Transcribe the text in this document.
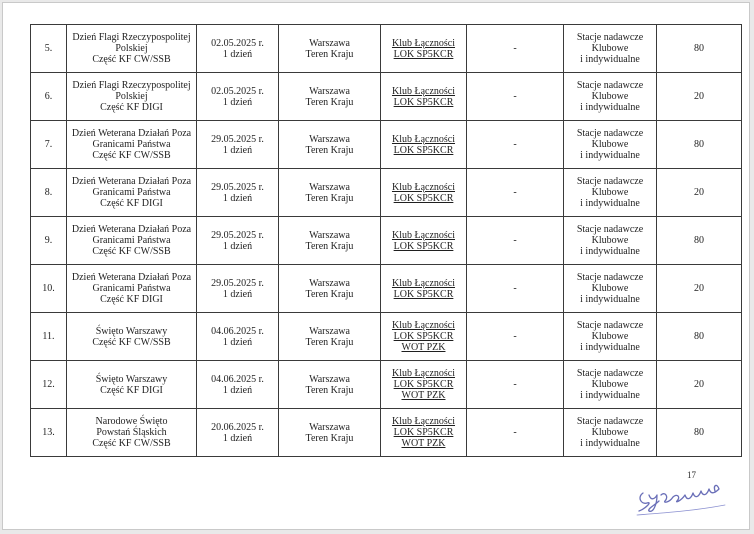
5.	Dzień Flagi Rzeczypospolitej
Polskiej
Część KF CW/SSB	02.05.2025 r.
1 dzień	Warszawa
Teren Kraju	Klub Łączności
LOK SP5KCR	-	Stacje nadawcze
Klubowe
i indywidualne	80
6.	Dzień Flagi Rzeczypospolitej
Polskiej
Część KF DIGI	02.05.2025 r.
1 dzień	Warszawa
Teren Kraju	Klub Łączności
LOK SP5KCR	-	Stacje nadawcze
Klubowe
i indywidualne	20
7.	Dzień Weterana Działań Poza
Granicami Państwa
Część KF CW/SSB	29.05.2025 r.
1 dzień	Warszawa
Teren Kraju	Klub Łączności
LOK SP5KCR	-	Stacje nadawcze
Klubowe
i indywidualne	80
8.	Dzień Weterana Działań Poza
Granicami Państwa
Część KF DIGI	29.05.2025 r.
1 dzień	Warszawa
Teren Kraju	Klub Łączności
LOK SP5KCR	-	Stacje nadawcze
Klubowe
i indywidualne	20
9.	Dzień Weterana Działań Poza
Granicami Państwa
Część KF CW/SSB	29.05.2025 r.
1 dzień	Warszawa
Teren Kraju	Klub Łączności
LOK SP5KCR	-	Stacje nadawcze
Klubowe
i indywidualne	80
10.	Dzień Weterana Działań Poza
Granicami Państwa
Część KF DIGI	29.05.2025 r.
1 dzień	Warszawa
Teren Kraju	Klub Łączności
LOK SP5KCR	-	Stacje nadawcze
Klubowe
i indywidualne	20
11.	Święto Warszawy
Część KF CW/SSB	04.06.2025 r.
1 dzień	Warszawa
Teren Kraju	Klub Łączności
LOK SP5KCR
WOT PZK	-	Stacje nadawcze
Klubowe
i indywidualne	80
12.	Święto Warszawy
Część KF DIGI	04.06.2025 r.
1 dzień	Warszawa
Teren Kraju	Klub Łączności
LOK SP5KCR
WOT PZK	-	Stacje nadawcze
Klubowe
i indywidualne	20
13.	Narodowe Święto
Powstań Śląskich
Część KF CW/SSB	20.06.2025 r.
1 dzień	Warszawa
Teren Kraju	Klub Łączności
LOK SP5KCR
WOT PZK	-	Stacje nadawcze
Klubowe
i indywidualne	80
17
